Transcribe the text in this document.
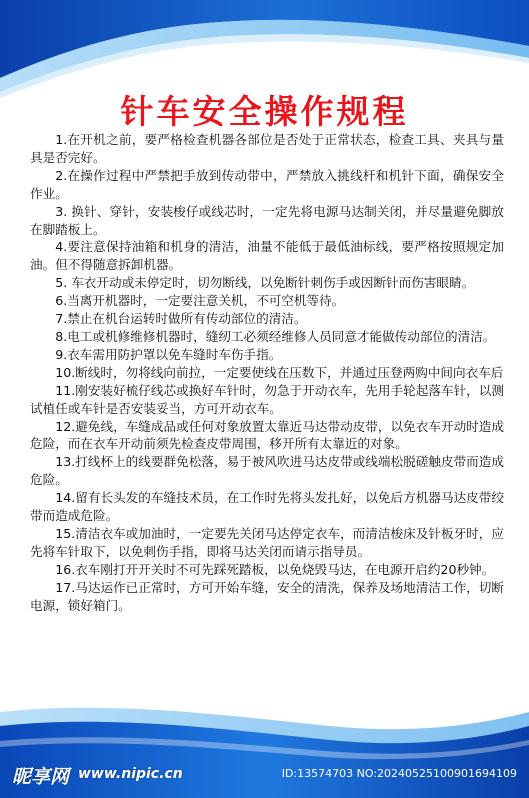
针车安全操作规程

1.在开机之前，要严格检查机器各部位是否处于正常状态，检查工具、夹具与量具是否完好。

2.在操作过程中严禁把手放到传动带中，严禁放入挑线杆和机针下面，确保安全作业。

3. 换针、穿针，安装梭仔或线芯时，一定先将电源马达制关闭，并尽量避免脚放在脚踏板上。

4.要注意保持油箱和机身的清洁，油量不能低于最低油标线，要严格按照规定加油。但不得随意拆卸机器。

5. 车衣开动或未停定时，切勿断线，以免断针刺伤手或因断针而伤害眼睛。

6.当离开机器时，一定要注意关机，不可空机等待。

7.禁止在机台运转时做所有传动部位的清洁。

8.电工或机修维修机器时，缝纫工必须经维修人员同意才能做传动部位的清洁。

9.衣车需用防护罩以免车缝时车伤手指。

10.断线时，勿将线向前拉，一定要使线在压数下，并通过压登两购中间向衣车后

11.刚安装好梳仔线芯或换好车针时，勿急于开动衣车，先用手轮起落车针，以测试植任或车针是否安装妥当，方可开动衣车。

12.避免线，车缝成品或任何对象放置太靠近马达带动皮带，以免衣车开动时造成危险，而在衣车开动前须先检查皮带周围，移开所有太靠近的对象。

13.打线杯上的线要群免松落，易于被风吹进马达皮带或线端松脱磋触皮带而造成危险。

14.留有长头发的车缝技术员，在工作时先将头发扎好，以免后方机器马达皮带绞带而造成危险。

15.清洁衣车或加油时，一定要先关闭马达停定衣车，而清洁梭床及针板牙时，应先将车针取下，以免刺伤手指，即将马达关闭而请示指导员。

16.衣车刚打开开关时不可先踩死踏板，以免烧毁马达，在电源开启约20秒钟。

17.马达运作已正常时，方可开始车缝，安全的清洗，保养及场地清洁工作，切断电源，锁好箱门。

昵享网 www.nipic.cn	ID:13574703 NO:20240525100901694109
